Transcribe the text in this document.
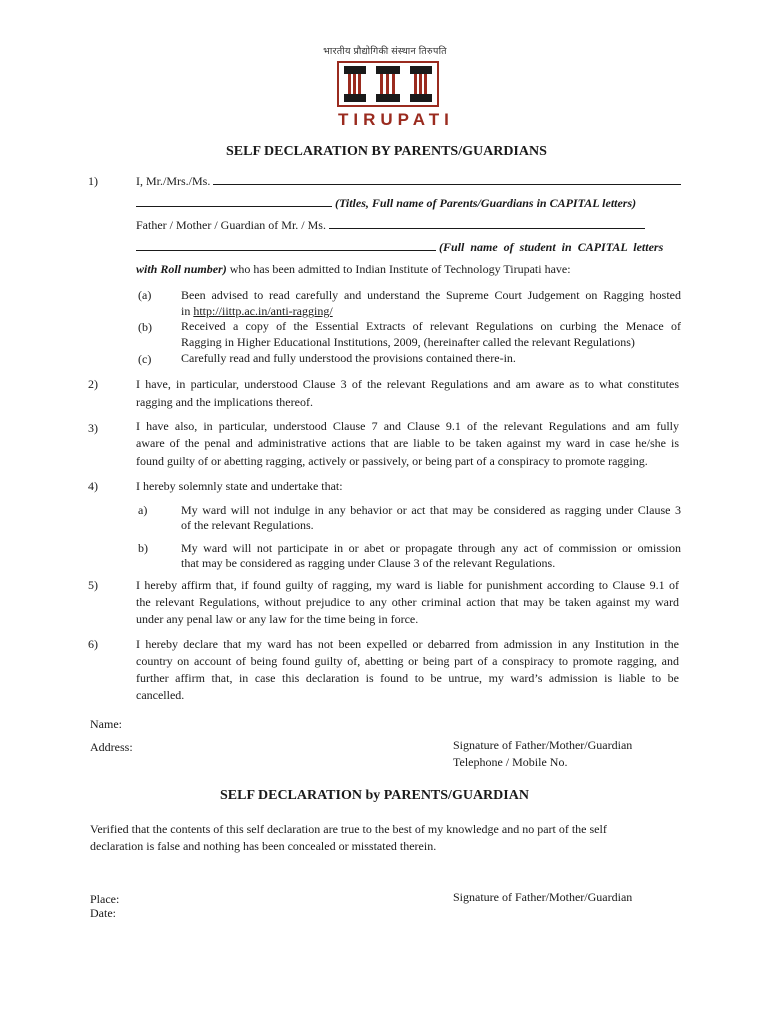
भारतीय प्रौद्योगिकी संस्थान तिरुपति
TIRUPATI
SELF DECLARATION BY PARENTS/GUARDIANS
1)	I, Mr./Mrs./Ms.
(Titles, Full name of Parents/Guardians in CAPITAL letters)
Father / Mother / Guardian of Mr. / Ms.
(Full name of student in CAPITAL letters
with Roll number) who has been admitted to Indian Institute of Technology Tirupati have:
(a) Been advised to read carefully and understand the Supreme Court Judgement on Ragging hosted
in http://iittp.ac.in/anti-ragging/
(b) Received a copy of the Essential Extracts of relevant Regulations on curbing the Menace of
Ragging in Higher Educational Institutions, 2009, (hereinafter called the relevant Regulations)
(c) Carefully read and fully understood the provisions contained there-in.
2)	I have, in particular, understood Clause 3 of the relevant Regulations and am aware as to what constitutes
ragging and the implications thereof.
3)	I have also, in particular, understood Clause 7 and Clause 9.1 of the relevant Regulations and am fully
aware of the penal and administrative actions that are liable to be taken against my ward in case he/she is
found guilty of or abetting ragging, actively or passively, or being part of a conspiracy to promote ragging.
4)	I hereby solemnly state and undertake that:
a)	My ward will not indulge in any behavior or act that may be considered as ragging under Clause 3
of the relevant Regulations.
b)	My ward will not participate in or abet or propagate through any act of commission or omission
that may be considered as ragging under Clause 3 of the relevant Regulations.
5)	I hereby affirm that, if found guilty of ragging, my ward is liable for punishment according to Clause 9.1 of
the relevant Regulations, without prejudice to any other criminal action that may be taken against my ward
under any penal law or any law for the time being in force.
6)	I hereby declare that my ward has not been expelled or debarred from admission in any Institution in the
country on account of being found guilty of, abetting or being part of a conspiracy to promote ragging, and
further affirm that, in case this declaration is found to be untrue, my ward’s admission is liable to be
cancelled.
Name:
Address:	Signature of Father/Mother/Guardian
Telephone / Mobile No.
SELF DECLARATION by PARENTS/GUARDIAN
Verified that the contents of this self declaration are true to the best of my knowledge and no part of the self
declaration is false and nothing has been concealed or misstated therein.
Place:
Date:
Signature of Father/Mother/Guardian
